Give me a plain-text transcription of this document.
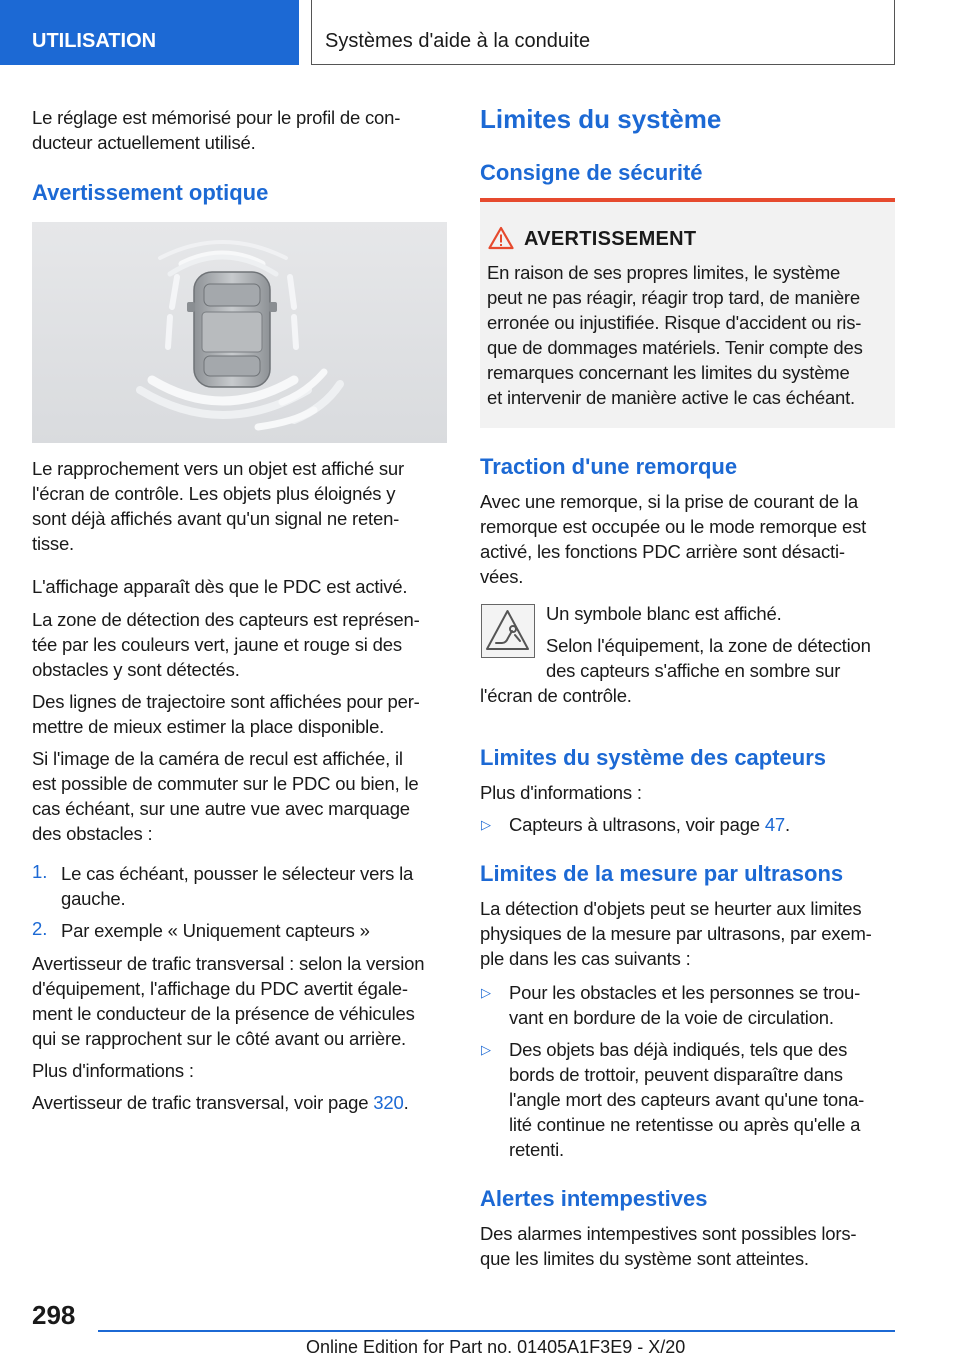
UTILISATION	Systèmes d'aide à la conduite

Le réglage est mémorisé pour le profil de con-

ducteur actuellement utilisé.

Avertissement optique

Le rapprochement vers un objet est affiché sur

l'écran de contrôle. Les objets plus éloignés y

sont déjà affichés avant qu'un signal ne reten-

tisse.

L'affichage apparaît dès que le PDC est activé.

La zone de détection des capteurs est représen-

tée par les couleurs vert, jaune et rouge si des

obstacles y sont détectés.

Des lignes de trajectoire sont affichées pour per-

mettre de mieux estimer la place disponible.

Si l'image de la caméra de recul est affichée, il

est possible de commuter sur le PDC ou bien, le

cas échéant, sur une autre vue avec marquage

des obstacles :

1. Le cas échéant, pousser le sélecteur vers la

gauche.

2. Par exemple « Uniquement capteurs »

Avertisseur de trafic transversal : selon la version

d'équipement, l'affichage du PDC avertit égale-

ment le conducteur de la présence de véhicules

qui se rapprochent sur le côté avant ou arrière.

Plus d'informations :

Avertisseur de trafic transversal, voir page 320.

Limites du système
Consigne de sécurité
AVERTISSEMENT
En raison de ses propres limites, le système
peut ne pas réagir, réagir trop tard, de manière
erronée ou injustifiée. Risque d'accident ou ris-
que de dommages matériels. Tenir compte des
remarques concernant les limites du système
et intervenir de manière active le cas échéant.
Traction d'une remorque

Avec une remorque, si la prise de courant de la

remorque est occupée ou le mode remorque est

activé, les fonctions PDC arrière sont désacti-

vées.

Un symbole blanc est affiché.

Selon l'équipement, la zone de détection

des capteurs s'affiche en sombre sur

l'écran de contrôle.

Limites du système des capteurs

Plus d'informations :

▷ Capteurs à ultrasons, voir page 47.

Limites de la mesure par ultrasons

La détection d'objets peut se heurter aux limites

physiques de la mesure par ultrasons, par exem-

ple dans les cas suivants :

▷ Pour les obstacles et les personnes se trou-

vant en bordure de la voie de circulation.

▷ Des objets bas déjà indiqués, tels que des

bords de trottoir, peuvent disparaître dans

l'angle mort des capteurs avant qu'une tona-

lité continue ne retentisse ou après qu'elle a

retenti.

Alertes intempestives

Des alarmes intempestives sont possibles lors-

que les limites du système sont atteintes.

298
Online Edition for Part no. 01405A1F3E9 - X/20
